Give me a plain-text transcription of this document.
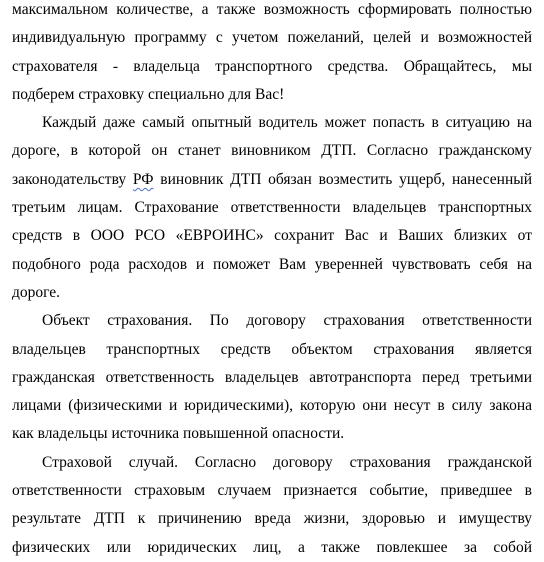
максимальном количестве, а также возможность сформировать полностью
индивидуальную программу с учетом пожеланий, целей и возможностей
страхователя - владельца транспортного средства. Обращайтесь, мы
подберем страховку специально для Вас!
Каждый даже самый опытный водитель может попасть в ситуацию на
дороге, в которой он станет виновником ДТП. Согласно гражданскому
законодательству РФ виновник ДТП обязан возместить ущерб, нанесенный
третьим лицам. Страхование ответственности владельцев транспортных
средств в ООО РСО «ЕВРОИНС» сохранит Вас и Ваших близких от
подобного рода расходов и поможет Вам уверенней чувствовать себя на
дороге.
Объект страхования. По договору страхования ответственности
владельцев транспортных средств объектом страхования является
гражданская ответственность владельцев автотранспорта перед третьими
лицами (физическими и юридическими), которую они несут в силу закона
как владельцы источника повышенной опасности.
Страховой случай. Согласно договору страхования гражданской
ответственности страховым случаем признается событие, приведшее в
результате ДТП к причинению вреда жизни, здоровью и имуществу
физических или юридических лиц, а также повлекшее за собой
